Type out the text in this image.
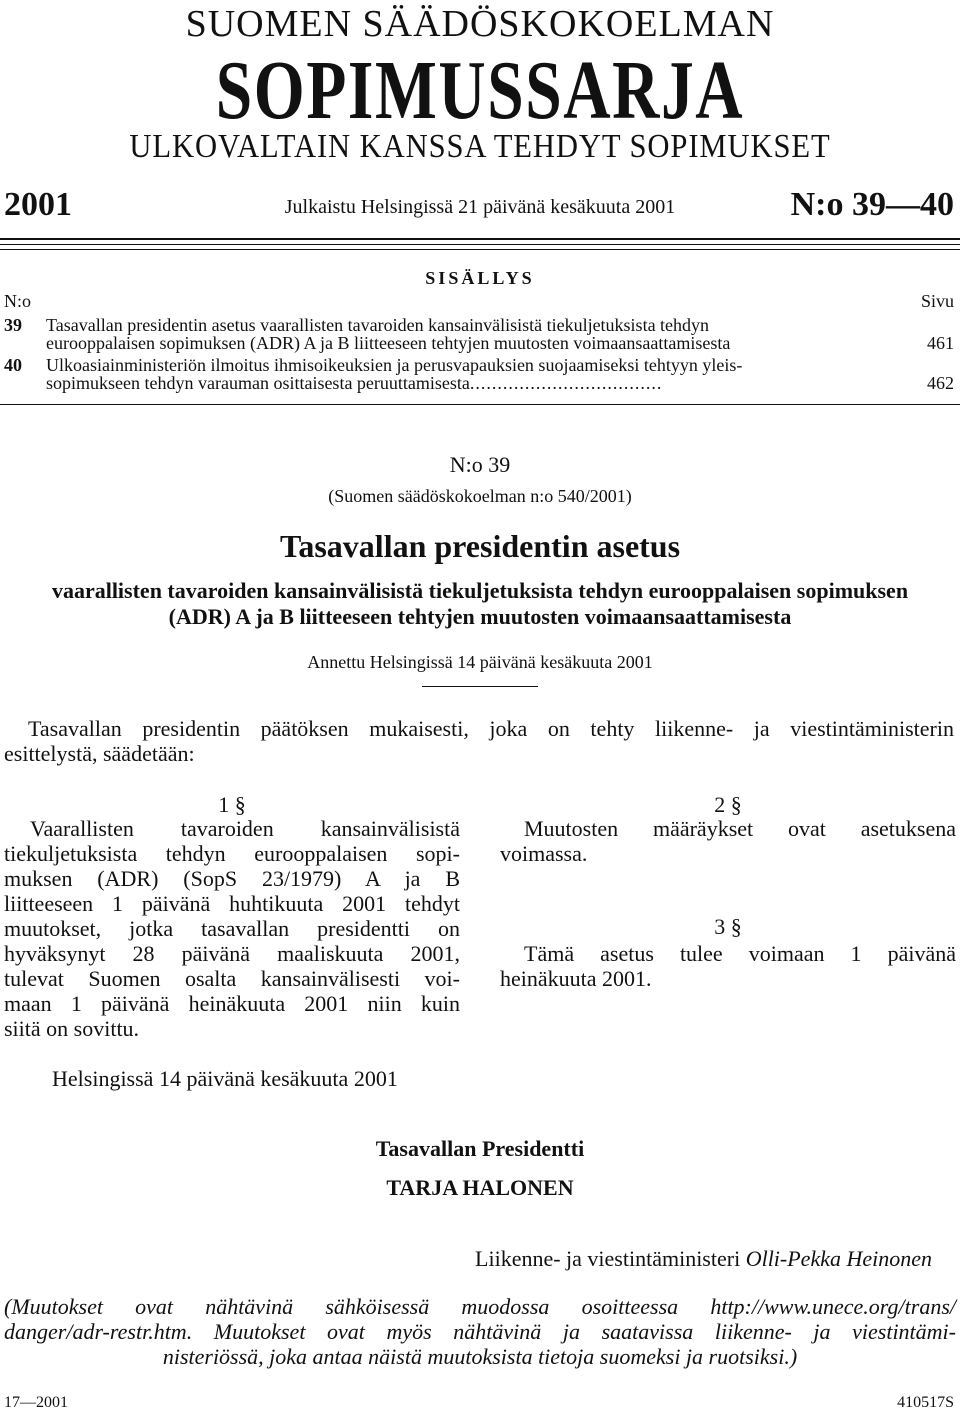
SUOMEN SÄÄDÖSKOKOELMAN
SOPIMUSSARJA
ULKOVALTAIN KANSSA TEHDYT SOPIMUKSET
2001	Julkaistu Helsingissä 21 päivänä kesäkuuta 2001	N:o 39—40
SISÄLLYS
N:o	Sivu
39 Tasavallan presidentin asetus vaarallisten tavaroiden kansainvälisistä tiekuljetuksista tehdyn
eurooppalaisen sopimuksen (ADR) A ja B liitteeseen tehtyjen muutosten voimaansaattamisesta	461
40 Ulkoasiainministeriön ilmoitus ihmisoikeuksien ja perusvapauksien suojaamiseksi tehtyyn yleis-
sopimukseen tehdyn varauman osittaisesta peruuttamisesta...................................	462
N:o 39
(Suomen säädöskokoelman n:o 540/2001)
Tasavallan presidentin asetus
vaarallisten tavaroiden kansainvälisistä tiekuljetuksista tehdyn eurooppalaisen sopimuksen
(ADR) A ja B liitteeseen tehtyjen muutosten voimaansaattamisesta
Annettu Helsingissä 14 päivänä kesäkuuta 2001
Tasavallan presidentin päätöksen mukaisesti, joka on tehty liikenne- ja viestintäministerin
esittelystä, säädetään:
1 §
Vaarallisten tavaroiden kansainvälisistä
tiekuljetuksista tehdyn eurooppalaisen sopi-
muksen (ADR) (SopS 23/1979) A ja B
liitteeseen 1 päivänä huhtikuuta 2001 tehdyt
muutokset, jotka tasavallan presidentti on
hyväksynyt 28 päivänä maaliskuuta 2001,
tulevat Suomen osalta kansainvälisesti voi-
maan 1 päivänä heinäkuuta 2001 niin kuin
siitä on sovittu.
Helsingissä 14 päivänä kesäkuuta 2001
2 §
Muutosten määräykset ovat asetuksena
voimassa.
3 §
Tämä asetus tulee voimaan 1 päivänä
heinäkuuta 2001.
Tasavallan Presidentti
TARJA HALONEN
Liikenne- ja viestintäministeri Olli-Pekka Heinonen
(Muutokset ovat nähtävinä sähköisessä muodossa osoitteessa http://www.unece.org/trans/
danger/adr-restr.htm. Muutokset ovat myös nähtävinä ja saatavissa liikenne- ja viestintämi-
nisteriössä, joka antaa näistä muutoksista tietoja suomeksi ja ruotsiksi.)
17—2001	410517S
